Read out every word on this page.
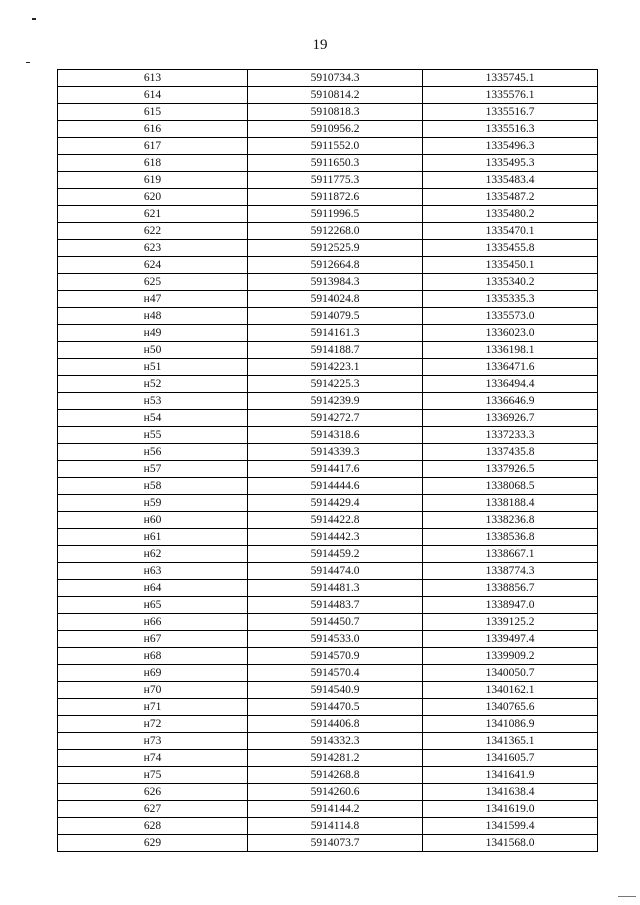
19
613	5910734.3	1335745.1
614	5910814.2	1335576.1
615	5910818.3	1335516.7
616	5910956.2	1335516.3
617	5911552.0	1335496.3
618	5911650.3	1335495.3
619	5911775.3	1335483.4
620	5911872.6	1335487.2
621	5911996.5	1335480.2
622	5912268.0	1335470.1
623	5912525.9	1335455.8
624	5912664.8	1335450.1
625	5913984.3	1335340.2
н47	5914024.8	1335335.3
н48	5914079.5	1335573.0
н49	5914161.3	1336023.0
н50	5914188.7	1336198.1
н51	5914223.1	1336471.6
н52	5914225.3	1336494.4
н53	5914239.9	1336646.9
н54	5914272.7	1336926.7
н55	5914318.6	1337233.3
н56	5914339.3	1337435.8
н57	5914417.6	1337926.5
н58	5914444.6	1338068.5
н59	5914429.4	1338188.4
н60	5914422.8	1338236.8
н61	5914442.3	1338536.8
н62	5914459.2	1338667.1
н63	5914474.0	1338774.3
н64	5914481.3	1338856.7
н65	5914483.7	1338947.0
н66	5914450.7	1339125.2
н67	5914533.0	1339497.4
н68	5914570.9	1339909.2
н69	5914570.4	1340050.7
н70	5914540.9	1340162.1
н71	5914470.5	1340765.6
н72	5914406.8	1341086.9
н73	5914332.3	1341365.1
н74	5914281.2	1341605.7
н75	5914268.8	1341641.9
626	5914260.6	1341638.4
627	5914144.2	1341619.0
628	5914114.8	1341599.4
629	5914073.7	1341568.0
